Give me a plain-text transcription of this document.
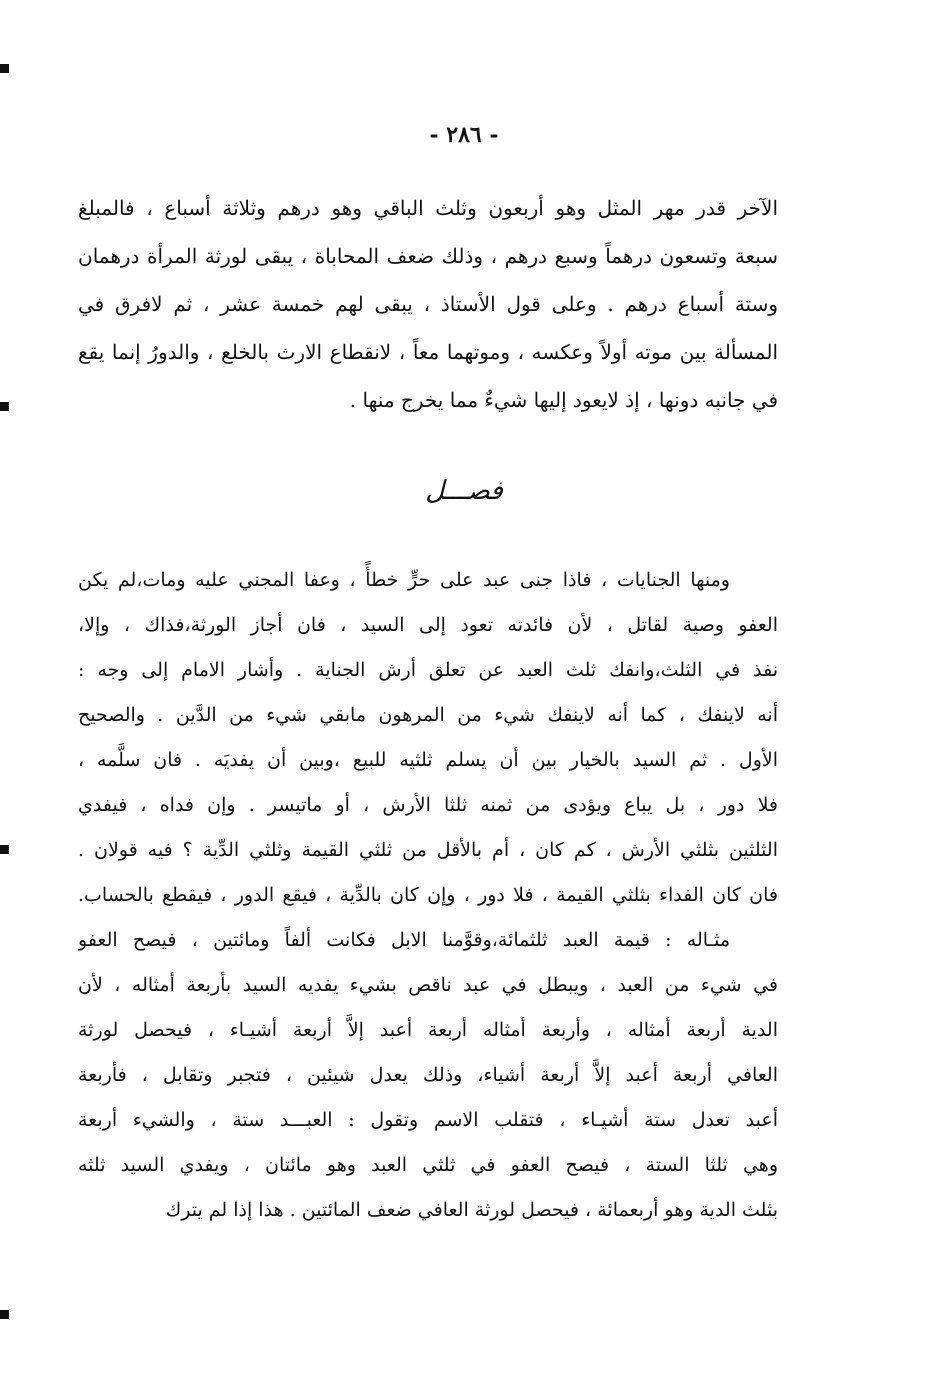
- ٢٨٦ -
الآخر قدر مهر المثل وهو أربعون وثلث الباقي وهو درهم وثلاثة أسباع ، فالمبلغ
سبعة وتسعون درهماً وسبع درهم ، وذلك ضعف المحاباة ، يبقى لورثة المرأة درهمان
وستة أسباع درهم . وعلى قول الأستاذ ، يبقى لهم خمسة عشر ، ثم لافرق في
المسألة بين موته أولاً وعكسه ، وموتهما معاً ، لانقطاع الارث بالخلع ، والدورُ إنما يقع
في جانبه دونها ، إذ لايعود إليها شيءٌ مما يخرج منها .
فصـــل
ومنها الجنايات ، فاذا جنى عبد على حرٍّ خطأً ، وعفا المجني عليه ومات،لم يكن
العفو وصية لقاتل ، لأن فائدته تعود إلى السيد ، فان أجاز الورثة،فذاك ، وإلا،
نفذ في الثلث،وانفك ثلث العبد عن تعلق أرش الجناية . وأشار الامام إلى وجه :
أنه لاينفك ، كما أنه لاينفك شيء من المرهون مابقي شيء من الدَّين . والصحيح
الأول . ثم السيد بالخيار بين أن يسلم ثلثيه للبيع ،وبين أن يفديَه . فان سلَّمه ،
فلا دور ، بل يباع ويؤدى من ثمنه ثلثا الأرش ، أو ماتيسر . وإن فداه ، فيفدي
الثلثين بثلثي الأرش ، كم كان ، أم بالأقل من ثلثي القيمة وثلثي الدِّية ؟ فيه قولان .
فان كان الفداء بثلثي القيمة ، فلا دور ، وإن كان بالدِّية ، فيقع الدور ، فيقطع بالحساب.
مثـاله : قيمة العبد ثلثمائة،وقوَّمنا الابل فكانت ألفاً ومائتين ، فيصح العفو
في شيء من العبد ، ويبطل في عبد ناقص بشيء يفديه السيد بأربعة أمثاله ، لأن
الدية أربعة أمثاله ، وأربعة أمثاله أربعة أعبد إلاَّ أربعة أشيـاء ، فيحصل لورثة
العافي أربعة أعبد إلاَّ أربعة أشياء، وذلك يعدل شيئين ، فتجبر وتقابل ، فأربعة
أعبد تعدل ستة أشيـاء ، فتقلب الاسم وتقول : العبـــد ستة ، والشيء أربعة
وهي ثلثا الستة ، فيصح العفو في ثلثي العبد وهو مائتان ، ويفدي السيد ثلثه
بثلث الدية وهو أربعمائة ، فيحصل لورثة العافي ضعف المائتين . هذا إذا لم يترك
